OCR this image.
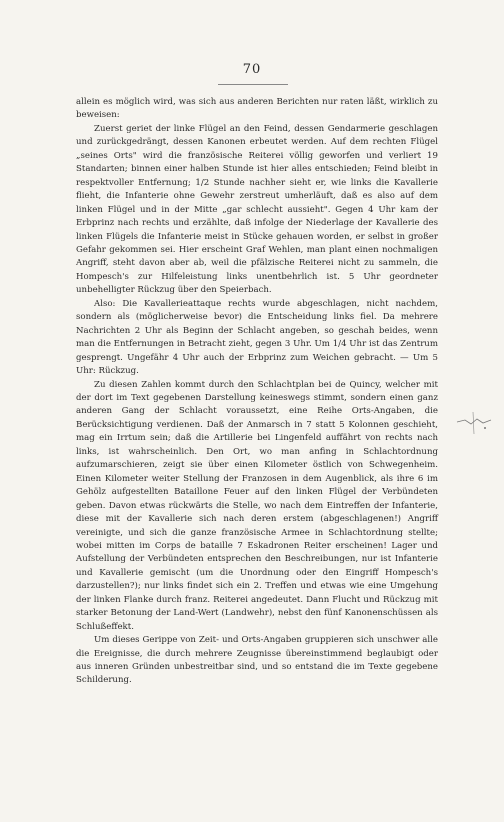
70

allein es möglich wird, was sich aus anderen Berichten nur raten läßt, wirklich zu beweisen:

Zuerst geriet der linke Flügel an den Feind, dessen Gendarmerie geschlagen und zurückgedrängt, dessen Kanonen erbeutet werden. Auf dem rechten Flügel „seines Orts" wird die französische Reiterei völlig geworfen und verliert 19 Standarten; binnen einer halben Stunde ist hier alles entschieden; Feind bleibt in respektvoller Entfernung; 1/2 Stunde nachher sieht er, wie links die Kavallerie flieht, die Infanterie ohne Gewehr zerstreut umherläuft, daß es also auf dem linken Flügel und in der Mitte „gar schlecht aussieht". Gegen 4 Uhr kam der Erbprinz nach rechts und erzählte, daß infolge der Niederlage der Kavallerie des linken Flügels die Infanterie meist in Stücke gehauen worden, er selbst in großer Gefahr gekommen sei. Hier erscheint Graf Wehlen, man plant einen nochmaligen Angriff, steht davon aber ab, weil die pfälzische Reiterei nicht zu sammeln, die Hompesch's zur Hilfeleistung links unentbehrlich ist. 5 Uhr geordneter unbehelligter Rückzug über den Speierbach.

Also: Die Kavallerieattaque rechts wurde abgeschlagen, nicht nachdem, sondern als (möglicherweise bevor) die Entscheidung links fiel. Da mehrere Nachrichten 2 Uhr als Beginn der Schlacht angeben, so geschah beides, wenn man die Entfernungen in Betracht zieht, gegen 3 Uhr. Um 1/4 Uhr ist das Zentrum gesprengt. Ungefähr 4 Uhr auch der Erbprinz zum Weichen gebracht. — Um 5 Uhr: Rückzug.

Zu diesen Zahlen kommt durch den Schlachtplan bei de Quincy, welcher mit der dort im Text gegebenen Darstellung keineswegs stimmt, sondern einen ganz anderen Gang der Schlacht voraussetzt, eine Reihe Orts-Angaben, die Berücksichtigung verdienen. Daß der Anmarsch in 7 statt 5 Kolonnen geschieht, mag ein Irrtum sein; daß die Artillerie bei Lingenfeld auffährt von rechts nach links, ist wahrscheinlich. Den Ort, wo man anfing in Schlachtordnung aufzumarschieren, zeigt sie über einen Kilometer östlich von Schwegenheim. Einen Kilometer weiter Stellung der Franzosen in dem Augenblick, als ihre 6 im Gehölz aufgestellten Bataillone Feuer auf den linken Flügel der Verbündeten geben. Davon etwas rückwärts die Stelle, wo nach dem Eintreffen der Infanterie, diese mit der Kavallerie sich nach deren erstem (abgeschlagenen!) Angriff vereinigte, und sich die ganze französische Armee in Schlachtordnung stellte; wobei mitten im Corps de bataille 7 Eskadronen Reiter erscheinen! Lager und Aufstellung der Verbündeten entsprechen den Beschreibungen, nur ist Infanterie und Kavallerie gemischt (um die Unordnung oder den Eingriff Hompesch's darzustellen?); nur links findet sich ein 2. Treffen und etwas wie eine Umgehung der linken Flanke durch franz. Reiterei angedeutet. Dann Flucht und Rückzug mit starker Betonung der Land-Wert (Landwehr), nebst den fünf Kanonenschüssen als Schlußeffekt.

Um dieses Gerippe von Zeit- und Orts-Angaben gruppieren sich unschwer alle die Ereignisse, die durch mehrere Zeugnisse übereinstimmend beglaubigt oder aus inneren Gründen unbestreitbar sind, und so entstand die im Texte gegebene Schilderung.
